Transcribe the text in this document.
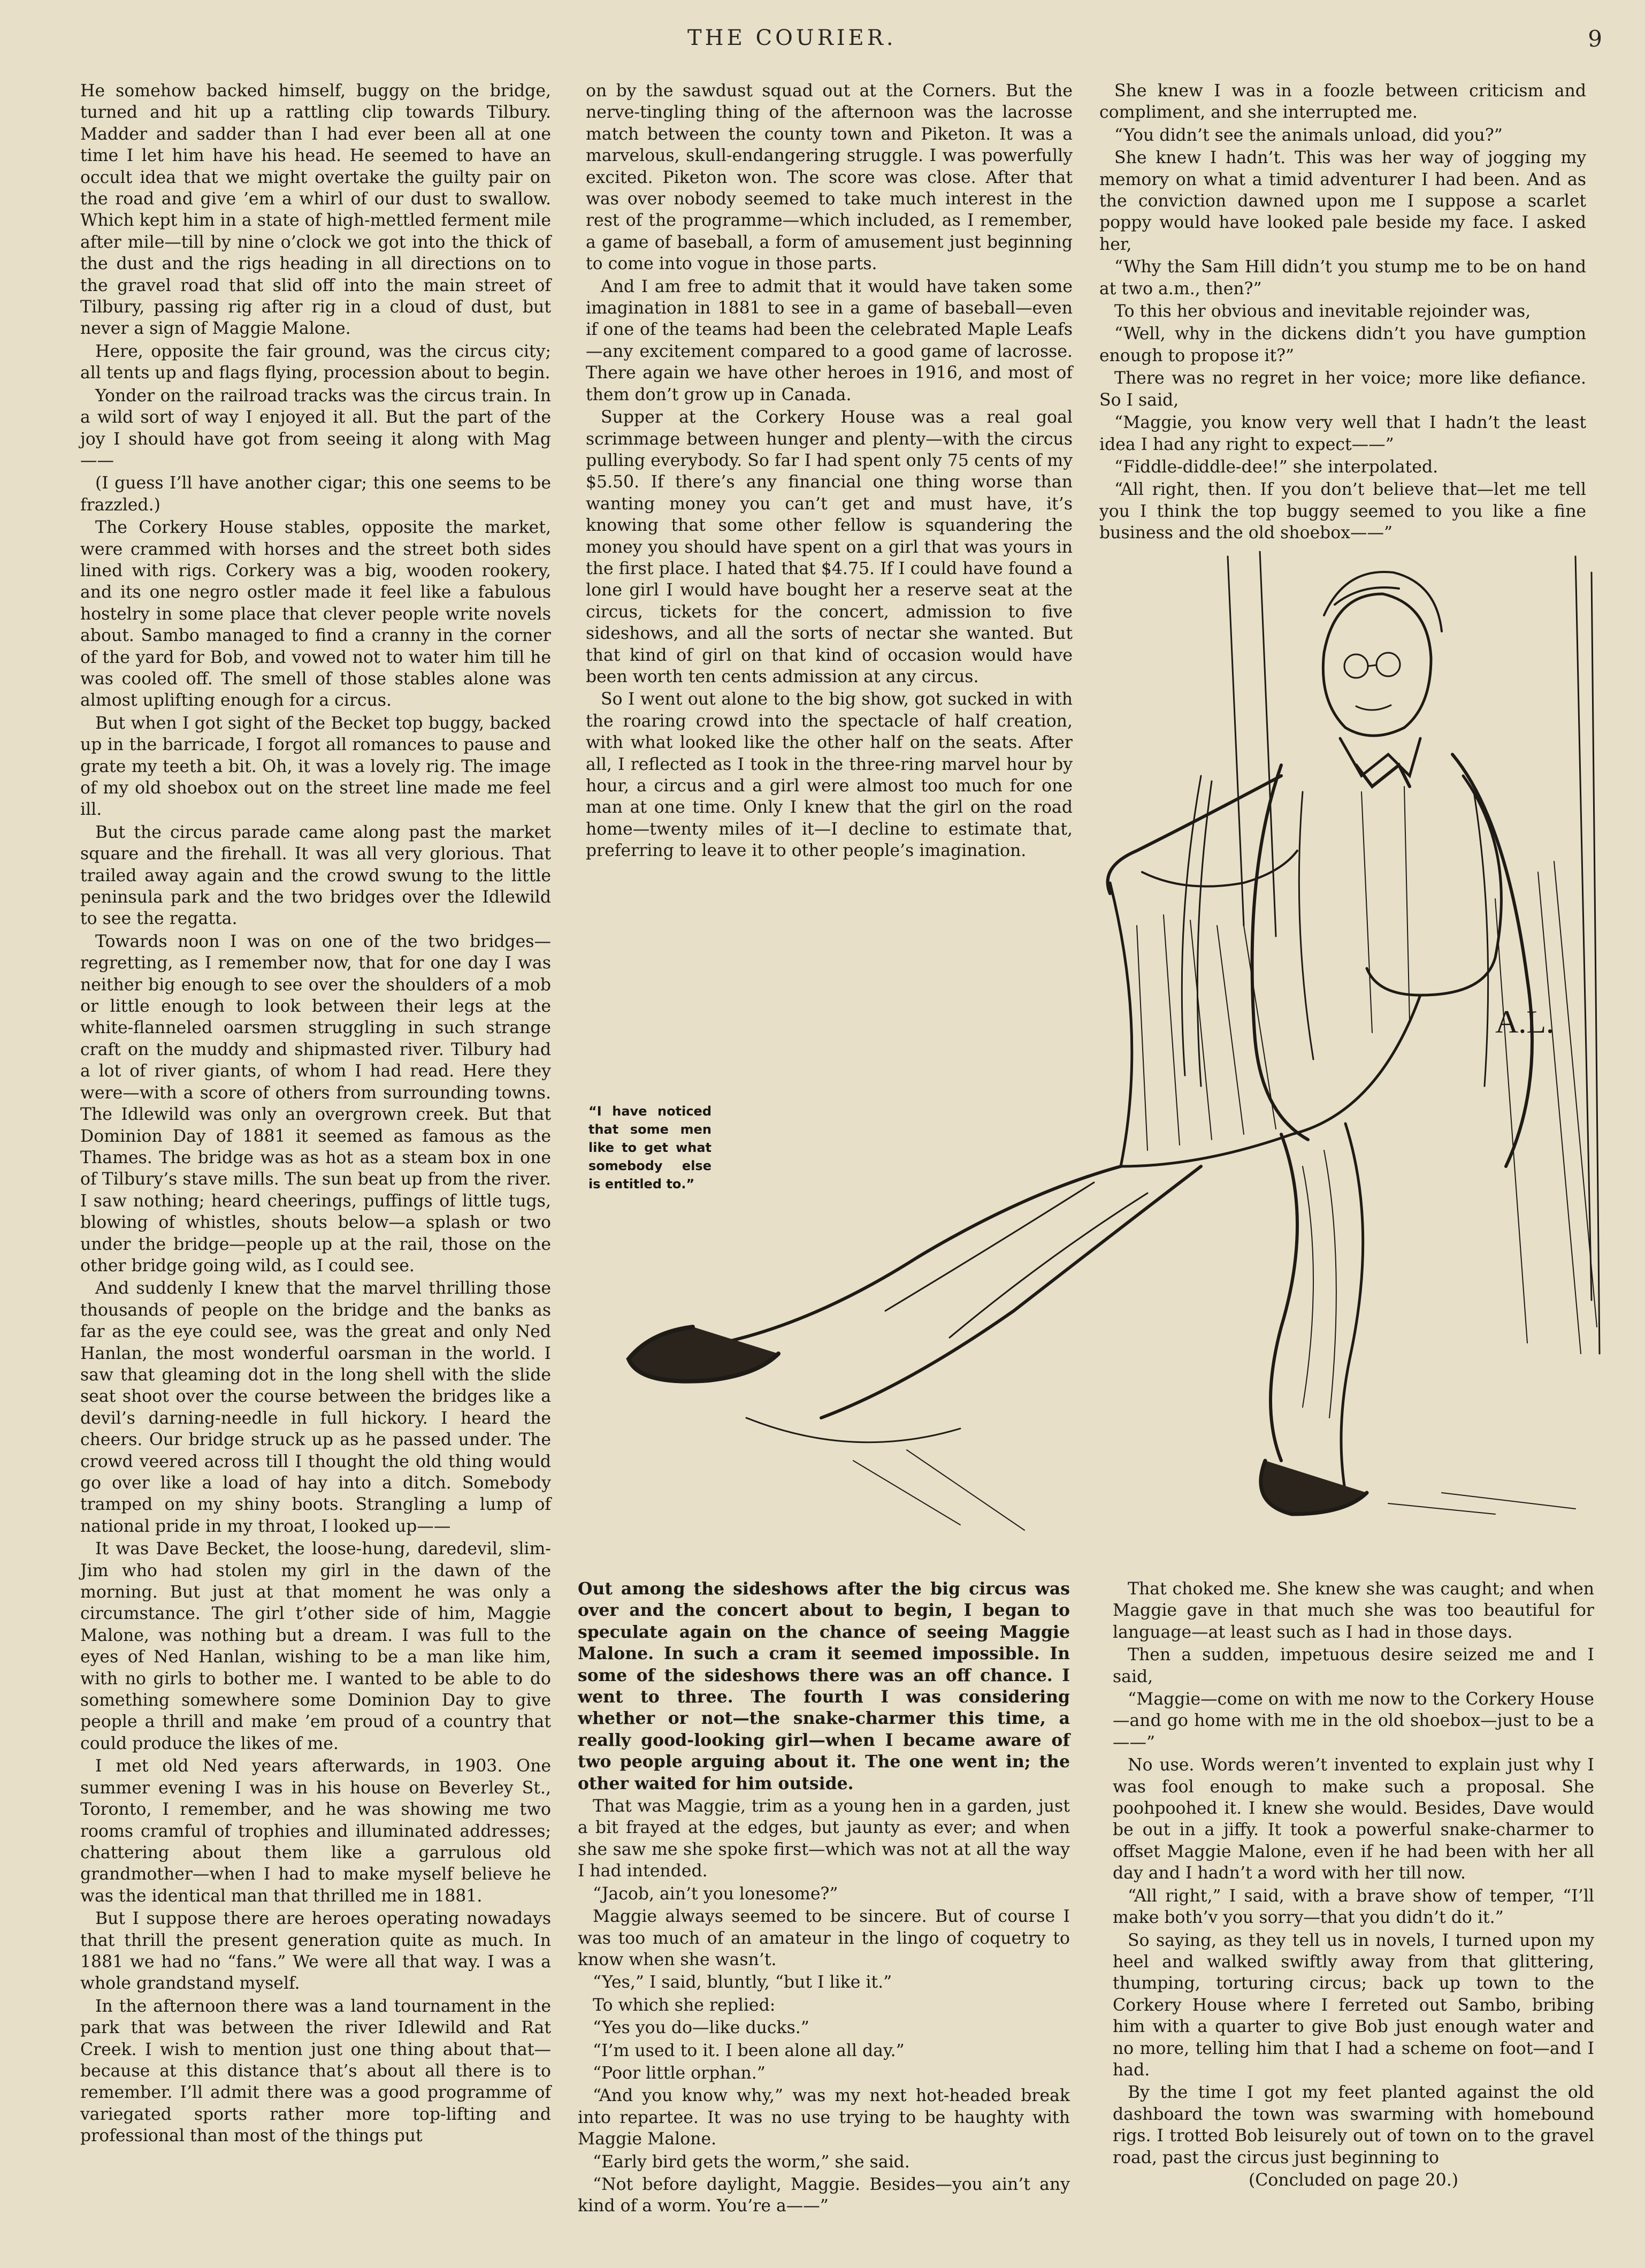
THE COURIER.	9

He somehow backed himself, buggy on the bridge, turned and hit up a rattling clip towards Tilbury. Madder and sadder than I had ever been all at one time I let him have his head. He seemed to have an occult idea that we might overtake the guilty pair on the road and give ’em a whirl of our dust to swallow. Which kept him in a state of high-mettled ferment mile after mile—till by nine o’clock we got into the thick of the dust and the rigs heading in all directions on to the gravel road that slid off into the main street of Tilbury, passing rig after rig in a cloud of dust, but never a sign of Maggie Malone.

Here, opposite the fair ground, was the circus city; all tents up and flags flying, procession about to begin.

Yonder on the railroad tracks was the circus train. In a wild sort of way I enjoyed it all. But the part of the joy I should have got from seeing it along with Mag——

(I guess I’ll have another cigar; this one seems to be frazzled.)

The Corkery House stables, opposite the market, were crammed with horses and the street both sides lined with rigs. Corkery was a big, wooden rookery, and its one negro ostler made it feel like a fabulous hostelry in some place that clever people write novels about. Sambo managed to find a cranny in the corner of the yard for Bob, and vowed not to water him till he was cooled off. The smell of those stables alone was almost uplifting enough for a circus.

But when I got sight of the Becket top buggy, backed up in the barricade, I forgot all romances to pause and grate my teeth a bit. Oh, it was a lovely rig. The image of my old shoebox out on the street line made me feel ill.

But the circus parade came along past the market square and the firehall. It was all very glorious. That trailed away again and the crowd swung to the little peninsula park and the two bridges over the Idlewild to see the regatta.

Towards noon I was on one of the two bridges—regretting, as I remember now, that for one day I was neither big enough to see over the shoulders of a mob or little enough to look between their legs at the white-flanneled oarsmen struggling in such strange craft on the muddy and shipmasted river. Tilbury had a lot of river giants, of whom I had read. Here they were—with a score of others from surrounding towns. The Idlewild was only an overgrown creek. But that Dominion Day of 1881 it seemed as famous as the Thames. The bridge was as hot as a steam box in one of Tilbury’s stave mills. The sun beat up from the river. I saw nothing; heard cheerings, puffings of little tugs, blowing of whistles, shouts below—a splash or two under the bridge—people up at the rail, those on the other bridge going wild, as I could see.

And suddenly I knew that the marvel thrilling those thousands of people on the bridge and the banks as far as the eye could see, was the great and only Ned Hanlan, the most wonderful oarsman in the world. I saw that gleaming dot in the long shell with the slide seat shoot over the course between the bridges like a devil’s darning-needle in full hickory. I heard the cheers. Our bridge struck up as he passed under. The crowd veered across till I thought the old thing would go over like a load of hay into a ditch. Somebody tramped on my shiny boots. Strangling a lump of national pride in my throat, I looked up——

It was Dave Becket, the loose-hung, daredevil, slim-Jim who had stolen my girl in the dawn of the morning. But just at that moment he was only a circumstance. The girl t’other side of him, Maggie Malone, was nothing but a dream. I was full to the eyes of Ned Hanlan, wishing to be a man like him, with no girls to bother me. I wanted to be able to do something somewhere some Dominion Day to give people a thrill and make ’em proud of a country that could produce the likes of me.

I met old Ned years afterwards, in 1903. One summer evening I was in his house on Beverley St., Toronto, I remember, and he was showing me two rooms cramful of trophies and illuminated addresses; chattering about them like a garrulous old grandmother—when I had to make myself believe he was the identical man that thrilled me in 1881.

But I suppose there are heroes operating nowadays that thrill the present generation quite as much. In 1881 we had no “fans.” We were all that way. I was a whole grandstand myself.

In the afternoon there was a land tournament in the park that was between the river Idlewild and Rat Creek. I wish to mention just one thing about that—because at this distance that’s about all there is to remember. I’ll admit there was a good programme of variegated sports rather more top-lifting and professional than most of the things put

on by the sawdust squad out at the Corners. But the nerve-tingling thing of the afternoon was the lacrosse match between the county town and Piketon. It was a marvelous, skull-endangering struggle. I was powerfully excited. Piketon won. The score was close. After that was over nobody seemed to take much interest in the rest of the programme—which included, as I remember, a game of baseball, a form of amusement just beginning to come into vogue in those parts.

And I am free to admit that it would have taken some imagination in 1881 to see in a game of baseball—even if one of the teams had been the celebrated Maple Leafs—any excitement compared to a good game of lacrosse. There again we have other heroes in 1916, and most of them don’t grow up in Canada.

Supper at the Corkery House was a real goal scrimmage between hunger and plenty—with the circus pulling everybody. So far I had spent only 75 cents of my $5.50. If there’s any financial one thing worse than wanting money you can’t get and must have, it’s knowing that some other fellow is squandering the money you should have spent on a girl that was yours in the first place. I hated that $4.75. If I could have found a lone girl I would have bought her a reserve seat at the circus, tickets for the concert, admission to five sideshows, and all the sorts of nectar she wanted. But that kind of girl on that kind of occasion would have been worth ten cents admission at any circus.

So I went out alone to the big show, got sucked in with the roaring crowd into the spectacle of half creation, with what looked like the other half on the seats. After all, I reflected as I took in the three-ring marvel hour by hour, a circus and a girl were almost too much for one man at one time. Only I knew that the girl on the road home—twenty miles of it—I decline to estimate that, preferring to leave it to other people’s imagination.

She knew I was in a foozle between criticism and compliment, and she interrupted me.

“You didn’t see the animals unload, did you?”

She knew I hadn’t. This was her way of jogging my memory on what a timid adventurer I had been. And as the conviction dawned upon me I suppose a scarlet poppy would have looked pale beside my face. I asked her,

“Why the Sam Hill didn’t you stump me to be on hand at two a.m., then?”

To this her obvious and inevitable rejoinder was,

“Well, why in the dickens didn’t you have gumption enough to propose it?”

There was no regret in her voice; more like defiance. So I said,

“Maggie, you know very well that I hadn’t the least idea I had any right to expect——”

“Fiddle-diddle-dee!” she interpolated.

“All right, then. If you don’t believe that—let me tell you I think the top buggy seemed to you like a fine business and the old shoebox——”

A.L.
“I have noticed that some men like to get what somebody else is entitled to.”

Out among the sideshows after the big circus was over and the concert about to begin, I began to speculate again on the chance of seeing Maggie Malone. In such a cram it seemed impossible. In some of the sideshows there was an off chance. I went to three. The fourth I was considering whether or not—the snake-charmer this time, a really good-looking girl—when I became aware of two people arguing about it. The one went in; the other waited for him outside.

That was Maggie, trim as a young hen in a garden, just a bit frayed at the edges, but jaunty as ever; and when she saw me she spoke first—which was not at all the way I had intended.

“Jacob, ain’t you lonesome?”

Maggie always seemed to be sincere. But of course I was too much of an amateur in the lingo of coquetry to know when she wasn’t.

“Yes,” I said, bluntly, “but I like it.”

To which she replied:

“Yes you do—like ducks.”

“I’m used to it. I been alone all day.”

“Poor little orphan.”

“And you know why,” was my next hot-headed break into repartee. It was no use trying to be haughty with Maggie Malone.

“Early bird gets the worm,” she said.

“Not before daylight, Maggie. Besides—you ain’t any kind of a worm. You’re a——”

That choked me. She knew she was caught; and when Maggie gave in that much she was too beautiful for language—at least such as I had in those days.

Then a sudden, impetuous desire seized me and I said,

“Maggie—come on with me now to the Corkery House—and go home with me in the old shoebox—just to be a ——”

No use. Words weren’t invented to explain just why I was fool enough to make such a proposal. She poohpoohed it. I knew she would. Besides, Dave would be out in a jiffy. It took a powerful snake-charmer to offset Maggie Malone, even if he had been with her all day and I hadn’t a word with her till now.

“All right,” I said, with a brave show of temper, “I’ll make both’v you sorry—that you didn’t do it.”

So saying, as they tell us in novels, I turned upon my heel and walked swiftly away from that glittering, thumping, torturing circus; back up town to the Corkery House where I ferreted out Sambo, bribing him with a quarter to give Bob just enough water and no more, telling him that I had a scheme on foot—and I had.

By the time I got my feet planted against the old dashboard the town was swarming with homebound rigs. I trotted Bob leisurely out of town on to the gravel road, past the circus just beginning to

(Concluded on page 20.)
